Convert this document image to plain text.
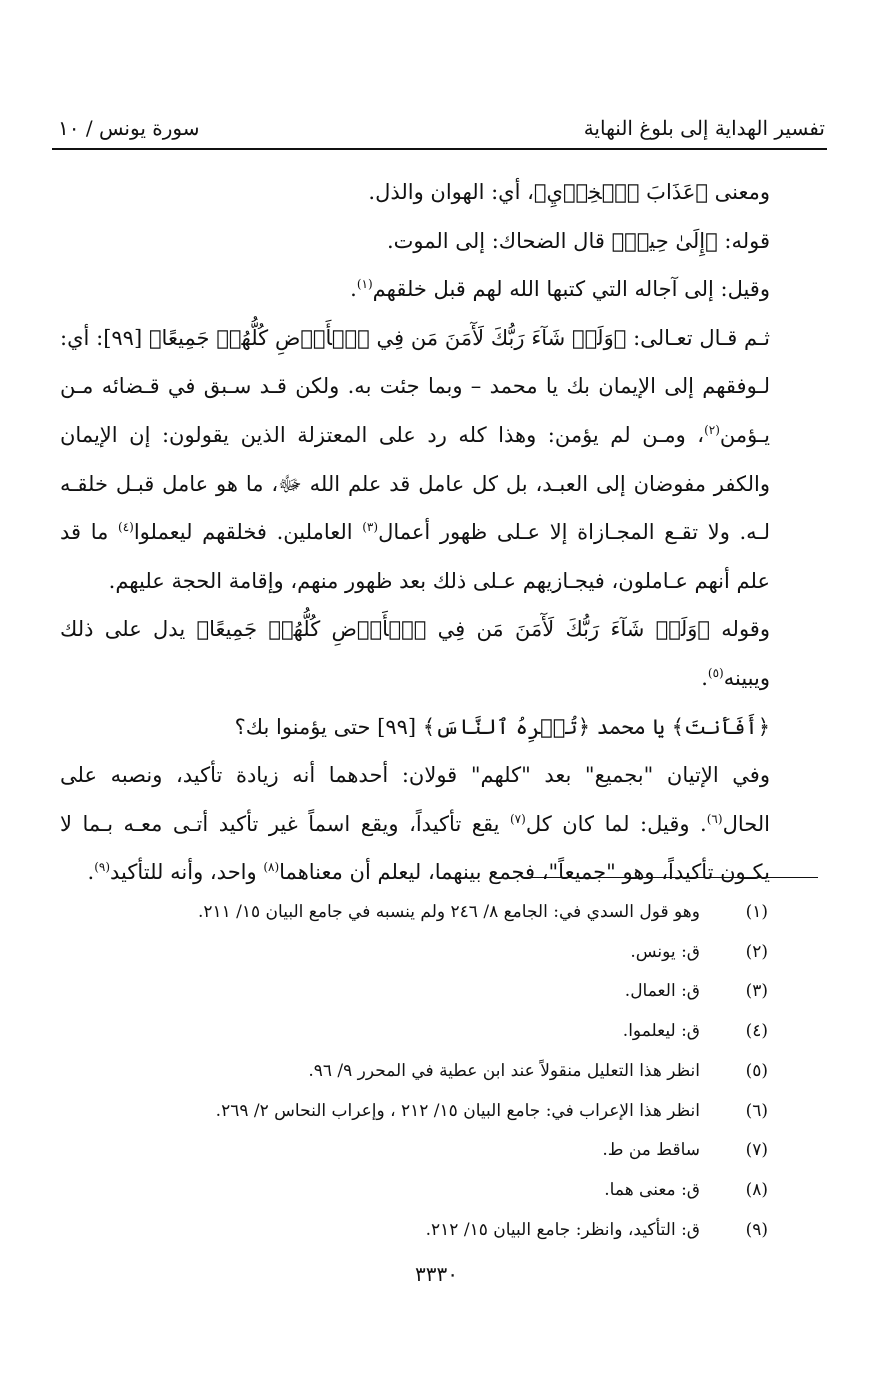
تفسير الهداية إلى بلوغ النهاية
سورة يونس / ١٠

ومعنى ﴿عَذَابَ ٱلۡخِزۡيِ﴾، أي: الهوان والذل.

قوله: ﴿إِلَىٰ حِينٖ﴾ قال الضحاك: إلى الموت.

وقيل: إلى آجاله التي كتبها الله لهم قبل خلقهم$^{(١)}$.

ثـم قـال تعـالى: ﴿وَلَوۡ شَآءَ رَبُّكَ لَأٓمَنَ مَن فِي ٱلۡأَرۡضِ كُلُّهُمۡ جَمِيعًا﴾ [٩٩]: أي: لـوفقهم إلى الإيمان بك يا محمد – وبما جئت به. ولكن قـد سـبق في قـضائه مـن يـؤمن$^{(٢)}$، ومـن لم يؤمن: وهذا كله رد على المعتزلة الذين يقولون: إن الإيمان والكفر مفوضان إلى العبـد، بل كل عامل قد علم الله ﷻ، ما هو عامل قبـل خلقـه لـه. ولا تقـع المجـازاة إلا عـلى ظهور أعمال$^{(٣)}$ العاملين. فخلقهم ليعملوا$^{(٤)}$ ما قد علم أنهم عـاملون، فيجـازيهم عـلى ذلك بعد ظهور منهم، وإقامة الحجة عليهم.

وقوله ﴿وَلَوۡ شَآءَ رَبُّكَ لَأٓمَنَ مَن فِي ٱلۡأَرۡضِ كُلُّهُمۡ جَمِيعًا﴾ يدل على ذلك ويبينه$^{(٥)}$.

﴿أَفَأَنتَ﴾ يا محمد ﴿تُكۡرِهُ ٱلنَّاسَ﴾ [٩٩] حتى يؤمنوا بك؟

وفي الإتيان "بجميع" بعد "كلهم" قولان: أحدهما أنه زيادة تأكيد، ونصبه على الحال$^{(٦)}$. وقيل: لما كان كل$^{(٧)}$ يقع تأكيداً، ويقع اسماً غير تأكيد أتـى معـه بـما لا يكـون تأكيداً، وهو "جميعاً"، فجمع بينهما، ليعلم أن معناهما$^{(٨)}$ واحد، وأنه للتأكيد$^{(٩)}$.

(١)
وهو قول السدي في: الجامع ٨/ ٢٤٦ ولم ينسبه في جامع البيان ١٥/ ٢١١.
(٢)
ق: يونس.
(٣)
ق: العمال.
(٤)
ق: ليعلموا.
(٥)
انظر هذا التعليل منقولاً عند ابن عطية في المحرر ٩/ ٩٦.
(٦)
انظر هذا الإعراب في: جامع البيان ١٥/ ٢١٢ ، وإعراب النحاس ٢/ ٢٦٩.
(٧)
ساقط من ط.
(٨)
ق: معنى هما.
(٩)
ق: التأكيد، وانظر: جامع البيان ١٥/ ٢١٢.
٣٣٣٠
